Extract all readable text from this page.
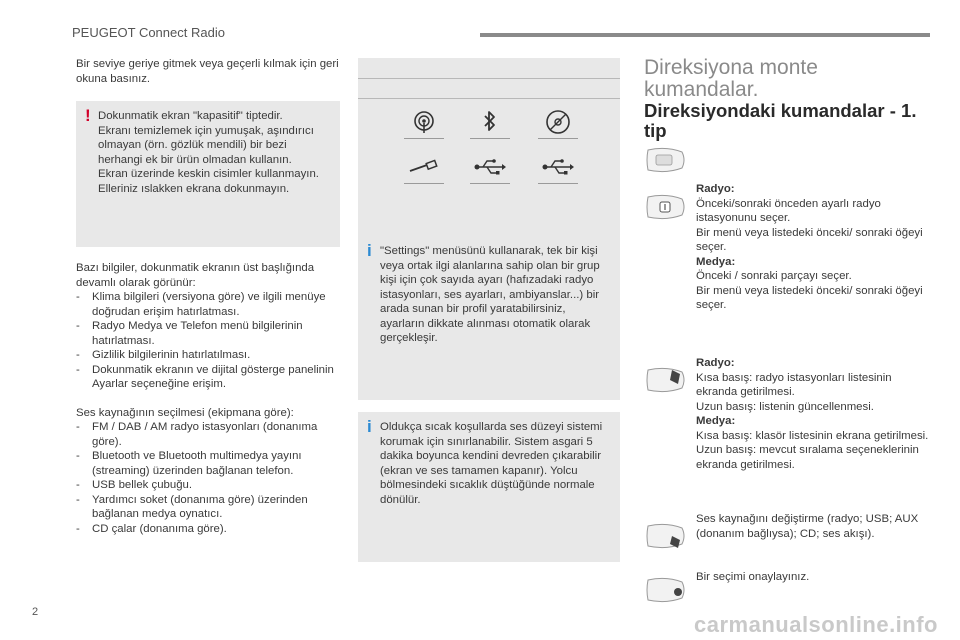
PEUGEOT Connect Radio

Bir seviye geriye gitmek veya geçerli kılmak için geri okuna basınız.

! Dokunmatik ekran "kapasitif" tiptedir.

Ekranı temizlemek için yumuşak, aşındırıcı olmayan (örn. gözlük mendili) bir bezi herhangi ek bir ürün olmadan kullanın.

Ekran üzerinde keskin cisimler kullanmayın.

Elleriniz ıslakken ekrana dokunmayın.

Bazı bilgiler, dokunmatik ekranın üst başlığında devamlı olarak görünür:

- Klima bilgileri (versiyona göre) ve ilgili menüye doğrudan erişim hatırlatması.
- Radyo Medya ve Telefon menü bilgilerinin hatırlatması.
- Gizlilik bilgilerinin hatırlatılması.
- Dokunmatik ekranın ve dijital gösterge panelinin Ayarlar seçeneğine erişim.

Ses kaynağının seçilmesi (ekipmana göre):

- FM / DAB / AM radyo istasyonları (donanıma göre).
- Bluetooth ve Bluetooth multimedya yayını (streaming) üzerinden bağlanan telefon.
- USB bellek çubuğu.
- Yardımcı soket (donanıma göre) üzerinden bağlanan medya oynatıcı.
- CD çalar (donanıma göre).
i "Settings" menüsünü kullanarak, tek bir kişi veya ortak ilgi alanlarına sahip olan bir grup kişi için çok sayıda ayarı (hafızadaki radyo istasyonları, ses ayarları, ambiyanslar...) bir arada sunan bir profil yaratabilirsiniz, ayarların dikkate alınması otomatik olarak gerçekleşir.

i Oldukça sıcak koşullarda ses düzeyi sistemi korumak için sınırlanabilir. Sistem asgari 5 dakika boyunca kendini devreden çıkarabilir (ekran ve ses tamamen kapanır). Yolcu bölmesindeki sıcaklık düştüğünde normale dönülür.

Direksiyona monte kumandalar.
Direksiyondaki kumandalar - 1. tip
Radyo:
Önceki/sonraki önceden ayarlı radyo istasyonunu seçer.
Bir menü veya listedeki önceki/ sonraki öğeyi seçer.
Medya:
Önceki / sonraki parçayı seçer.
Bir menü veya listedeki önceki/ sonraki öğeyi seçer.
Radyo:
Kısa basış: radyo istasyonları listesinin ekranda getirilmesi.
Uzun basış: listenin güncellenmesi.
Medya:
Kısa basış: klasör listesinin ekrana getirilmesi.
Uzun basış: mevcut sıralama seçeneklerinin ekranda getirilmesi.
Ses kaynağını değiştirme (radyo; USB; AUX (donanım bağlıysa); CD; ses akışı).
Bir seçimi onaylayınız.
2	carmanualsonline.info
